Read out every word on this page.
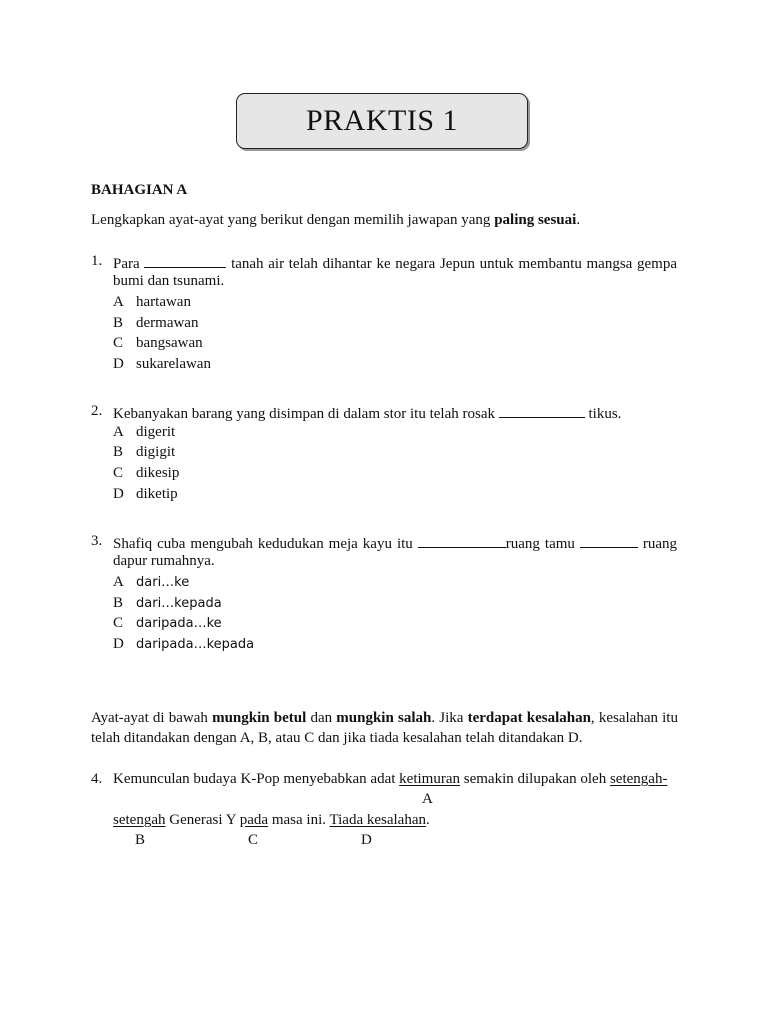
PRAKTIS 1
BAHAGIAN A
Lengkapkan ayat-ayat yang berikut dengan memilih jawapan yang paling sesuai.
1. Para	tanah air telah dihantar ke negara Jepun untuk membantu mangsa gempa
bumi dan tsunami.
A hartawan
B dermawan
C bangsawan
D sukarelawan
2. Kebanyakan barang yang disimpan di dalam stor itu telah rosak	tikus.
A digerit
B digigit
C dikesip
D diketip
3. Shafiq cuba mengubah kedudukan meja kayu itu	ruang tamu	ruang
dapur rumahnya.
A dari…ke
B dari…kepada
C daripada…ke
D daripada…kepada
Ayat-ayat di bawah mungkin betul dan mungkin salah. Jika terdapat kesalahan, kesalahan itu
telah ditandakan dengan A, B, atau C dan jika tiada kesalahan telah ditandakan D.
4. Kemunculan budaya K-Pop menyebabkan adat ketimuran semakin dilupakan oleh setengah-
A
setengah Generasi Y pada masa ini. Tiada kesalahan.
B	C	D
